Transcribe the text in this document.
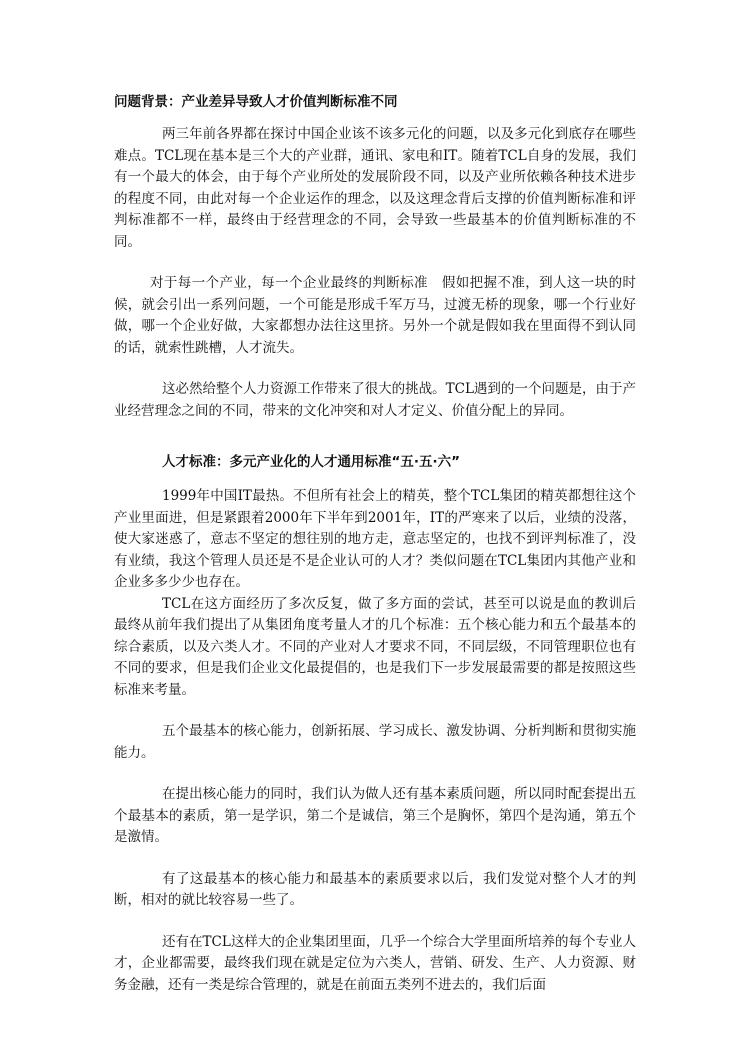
问题背景：产业差异导致人才价值判断标准不同
两三年前各界都在探讨中国企业该不该多元化的问题，以及多元化到底存在哪些难点。TCL现在基本是三个大的产业群，通讯、家电和IT。随着TCL自身的发展，我们有一个最大的体会，由于每个产业所处的发展阶段不同，以及产业所依赖各种技术进步的程度不同，由此对每一个企业运作的理念，以及这理念背后支撑的价值判断标准和评判标准都不一样，最终由于经营理念的不同，会导致一些最基本的价值判断标准的不同。
对于每一个产业，每一个企业最终的判断标准　假如把握不准，到人这一块的时候，就会引出一系列问题，一个可能是形成千军万马，过渡无桥的现象，哪一个行业好做，哪一个企业好做，大家都想办法往这里挤。另外一个就是假如我在里面得不到认同的话，就索性跳槽，人才流失。
这必然给整个人力资源工作带来了很大的挑战。TCL遇到的一个问题是，由于产业经营理念之间的不同，带来的文化冲突和对人才定义、价值分配上的异同。
人才标准：多元产业化的人才通用标准“五·五·六”
1999年中国IT最热。不但所有社会上的精英，整个TCL集团的精英都想往这个产业里面进，但是紧跟着2000年下半年到2001年，IT的严寒来了以后，业绩的没落，使大家迷惑了，意志不坚定的想往别的地方走，意志坚定的，也找不到评判标准了，没有业绩，我这个管理人员还是不是企业认可的人才？类似问题在TCL集团内其他产业和企业多多少少也存在。
TCL在这方面经历了多次反复，做了多方面的尝试，甚至可以说是血的教训后　最终从前年我们提出了从集团角度考量人才的几个标准：五个核心能力和五个最基本的综合素质，以及六类人才。不同的产业对人才要求不同，不同层级，不同管理职位也有不同的要求，但是我们企业文化最提倡的，也是我们下一步发展最需要的都是按照这些标准来考量。
五个最基本的核心能力，创新拓展、学习成长、激发协调、分析判断和贯彻实施能力。
在提出核心能力的同时，我们认为做人还有基本素质问题，所以同时配套提出五个最基本的素质，第一是学识，第二个是诚信，第三个是胸怀，第四个是沟通，第五个是激情。
有了这最基本的核心能力和最基本的素质要求以后，我们发觉对整个人才的判断，相对的就比较容易一些了。
还有在TCL这样大的企业集团里面，几乎一个综合大学里面所培养的每个专业人才，企业都需要，最终我们现在就是定位为六类人，营销、研发、生产、人力资源、财务金融，还有一类是综合管理的，就是在前面五类列不进去的，我们后面
